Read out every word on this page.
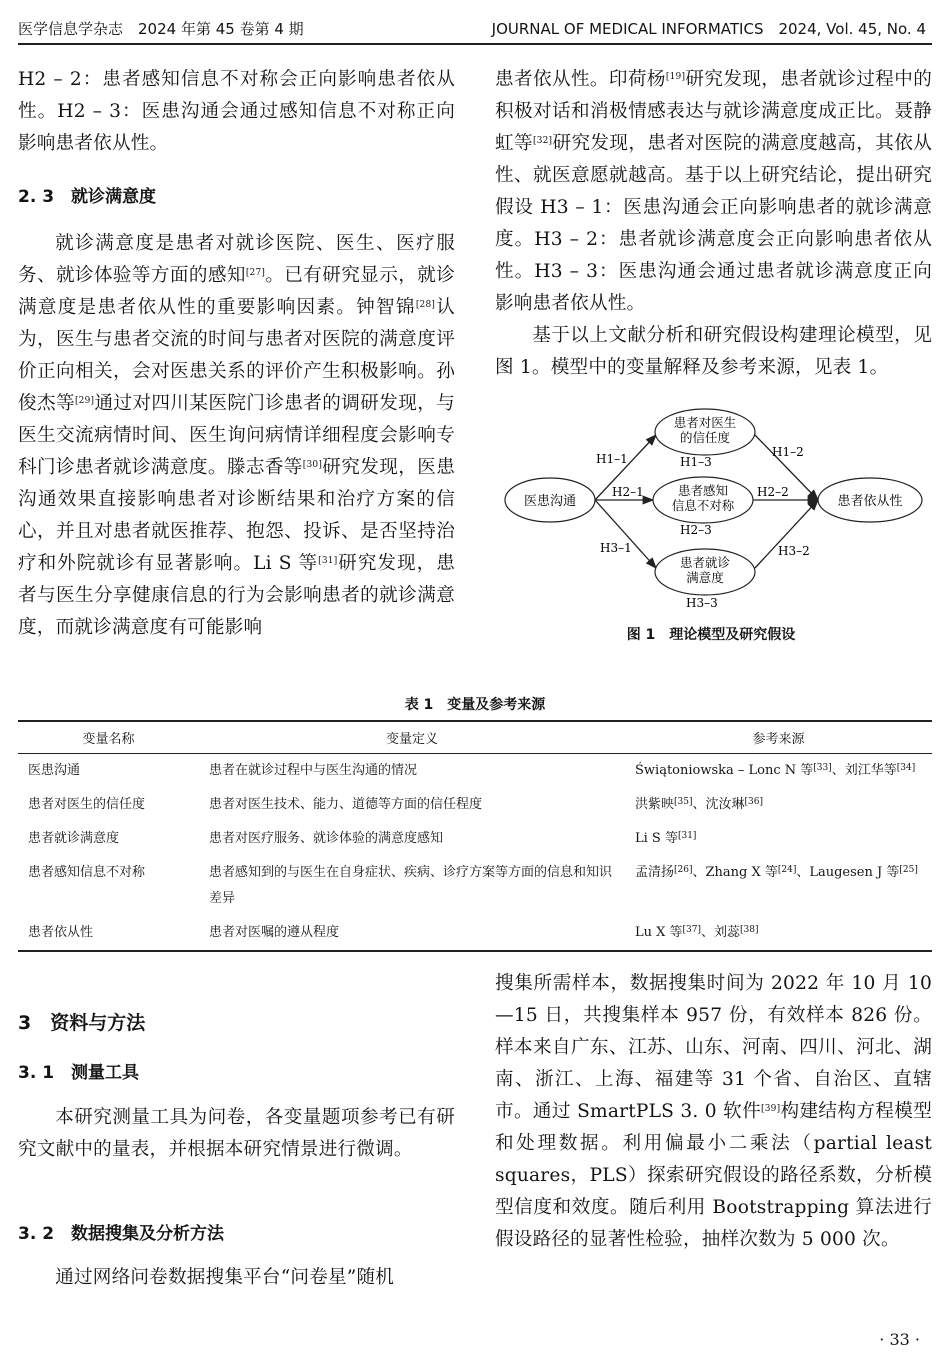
医学信息学杂志　2024 年第 45 卷第 4 期	JOURNAL OF MEDICAL INFORMATICS　2024, Vol. 45, No. 4

H2 – 2：患者感知信息不对称会正向影响患者依从性。H2 – 3：医患沟通会通过感知信息不对称正向影响患者依从性。

2. 3　就诊满意度

就诊满意度是患者对就诊医院、医生、医疗服务、就诊体验等方面的感知[27]。已有研究显示，就诊满意度是患者依从性的重要影响因素。钟智锦[28]认为，医生与患者交流的时间与患者对医院的满意度评价正向相关，会对医患关系的评价产生积极影响。孙俊杰等[29]通过对四川某医院门诊患者的调研发现，与医生交流病情时间、医生询问病情详细程度会影响专科门诊患者就诊满意度。滕志香等[30]研究发现，医患沟通效果直接影响患者对诊断结果和治疗方案的信心，并且对患者就医推荐、抱怨、投诉、是否坚持治疗和外院就诊有显著影响。Li S 等[31]研究发现，患者与医生分享健康信息的行为会影响患者的就诊满意度，而就诊满意度有可能影响

患者依从性。印荷杨[19]研究发现，患者就诊过程中的积极对话和消极情感表达与就诊满意度成正比。聂静虹等[32]研究发现，患者对医院的满意度越高，其依从性、就医意愿就越高。基于以上研究结论，提出研究假设 H3 – 1：医患沟通会正向影响患者的就诊满意度。H3 – 2：患者就诊满意度会正向影响患者依从性。H3 – 3：医患沟通会通过患者就诊满意度正向影响患者依从性。

基于以上文献分析和研究假设构建理论模型，见图 1。模型中的变量解释及参考来源，见表 1。

医患沟通
患者对医生
的信任度
患者感知
信息不对称
患者就诊
满意度
患者依从性
H1–1	H1–3
H1–2
H2–1	H2–2
H2–3
H3–1	H3–2
H3–3
图 1　理论模型及研究假设
表 1　变量及参考来源
变量名称	变量定义	参考来源
医患沟通	患者在就诊过程中与医生沟通的情况	Świątoniowska – Lonc N 等[33]、刘江华等[34]
患者对医生的信任度	患者对医生技术、能力、道德等方面的信任程度	洪紫映[35]、沈汝琳[36]
患者就诊满意度	患者对医疗服务、就诊体验的满意度感知	Li S 等[31]
患者感知信息不对称	患者感知到的与医生在自身症状、疾病、诊疗方案等方面的信息和知识差异	孟清扬[26]、Zhang X 等[24]、Laugesen J 等[25]
患者依从性	患者对医嘱的遵从程度	Lu X 等[37]、刘蕊[38]
3　资料与方法
3. 1　测量工具

本研究测量工具为问卷，各变量题项参考已有研究文献中的量表，并根据本研究情景进行微调。

3. 2　数据搜集及分析方法

通过网络问卷数据搜集平台“问卷星”随机

搜集所需样本，数据搜集时间为 2022 年 10 月 10—15 日，共搜集样本 957 份，有效样本 826 份。样本来自广东、江苏、山东、河南、四川、河北、湖南、浙江、上海、福建等 31 个省、自治区、直辖市。通过 SmartPLS 3. 0 软件[39]构建结构方程模型和处理数据。利用偏最小二乘法（partial least squares，PLS）探索研究假设的路径系数，分析模型信度和效度。随后利用 Bootstrapping 算法进行假设路径的显著性检验，抽样次数为 5 000 次。

· 33 ·
